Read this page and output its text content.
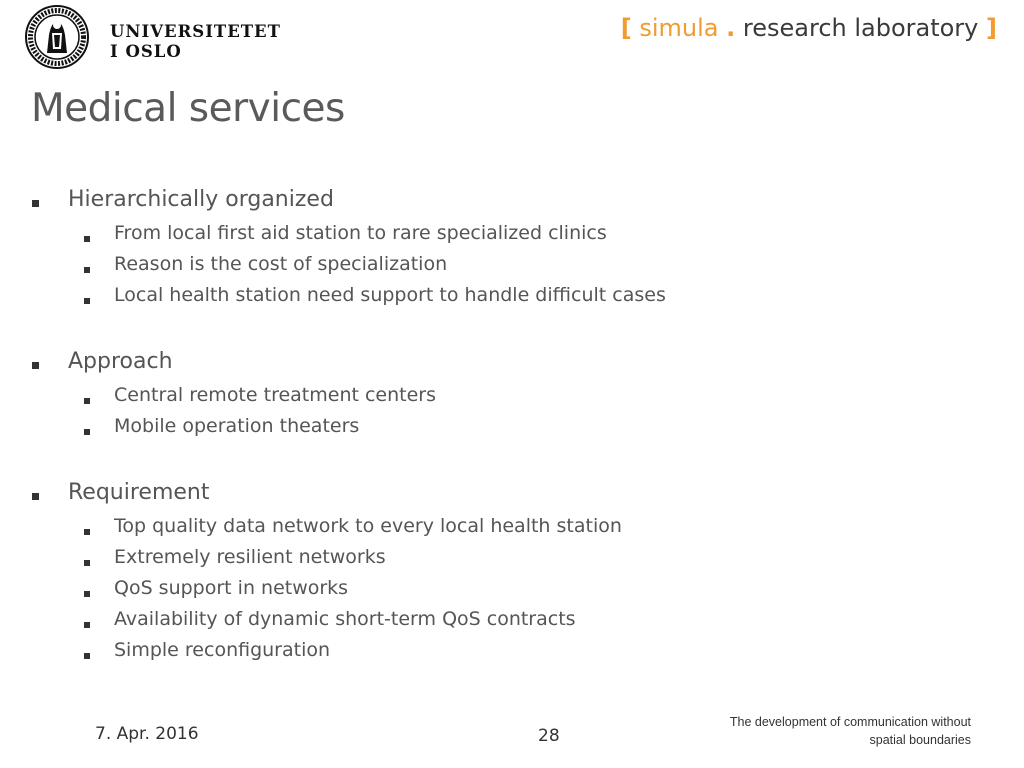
UNIVERSITETET
I OSLO
[ simula . research laboratory ]
Medical services
Hierarchically organized
From local first aid station to rare specialized clinics
Reason is the cost of specialization
Local health station need support to handle difficult cases
Approach
Central remote treatment centers
Mobile operation theaters
Requirement
Top quality data network to every local health station
Extremely resilient networks
QoS support in networks
Availability of dynamic short-term QoS contracts
Simple reconfiguration
7. Apr. 2016	28
The development of communication without
spatial boundaries
